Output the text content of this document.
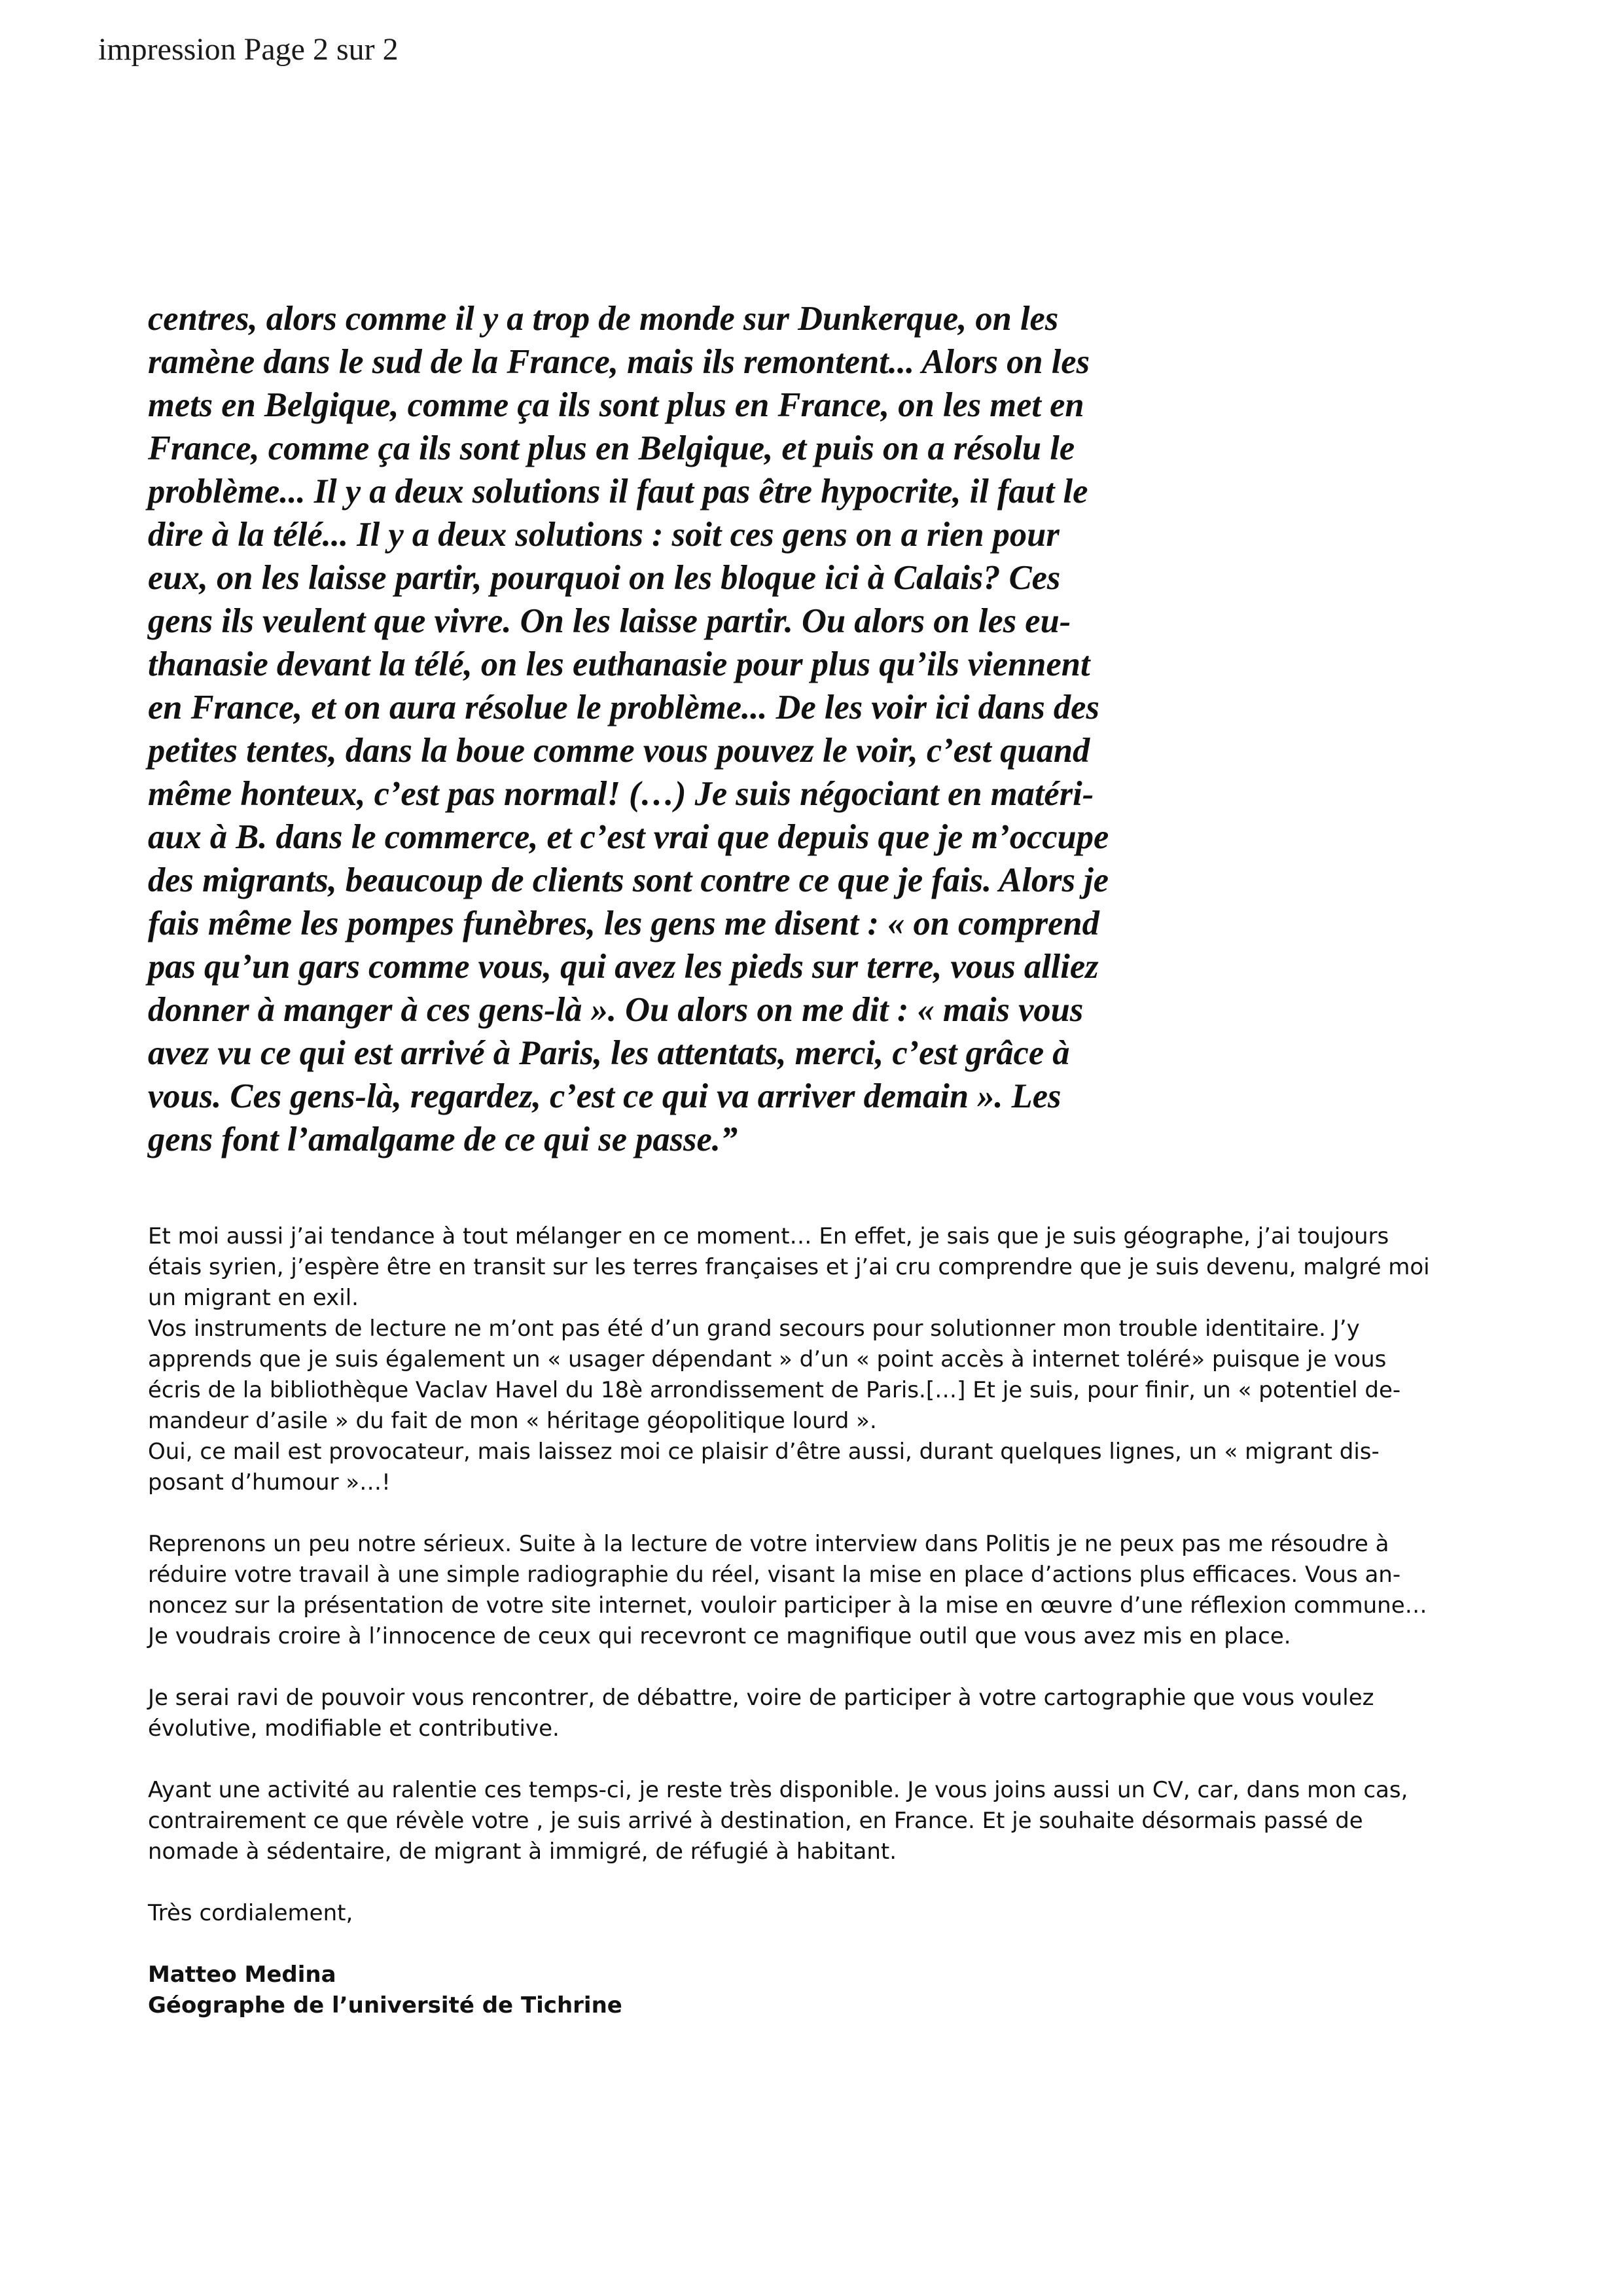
impression Page 2 sur 2
centres, alors comme il y a trop de monde sur Dunkerque, on les
ramène dans le sud de la France, mais ils remontent... Alors on les
mets en Belgique, comme ça ils sont plus en France, on les met en
France, comme ça ils sont plus en Belgique, et puis on a résolu le
problème... Il y a deux solutions il faut pas être hypocrite, il faut le
dire à la télé... Il y a deux solutions : soit ces gens on a rien pour
eux, on les laisse partir, pourquoi on les bloque ici à Calais? Ces
gens ils veulent que vivre. On les laisse partir. Ou alors on les eu-
thanasie devant la télé, on les euthanasie pour plus qu’ils viennent
en France, et on aura résolue le problème... De les voir ici dans des
petites tentes, dans la boue comme vous pouvez le voir, c’est quand
même honteux, c’est pas normal! (…) Je suis négociant en matéri-
aux à B. dans le commerce, et c’est vrai que depuis que je m’occupe
des migrants, beaucoup de clients sont contre ce que je fais. Alors je
fais même les pompes funèbres, les gens me disent : « on comprend
pas qu’un gars comme vous, qui avez les pieds sur terre, vous alliez
donner à manger à ces gens-là ». Ou alors on me dit : « mais vous
avez vu ce qui est arrivé à Paris, les attentats, merci, c’est grâce à
vous. Ces gens-là, regardez, c’est ce qui va arriver demain ». Les
gens font l’amalgame de ce qui se passe.”
Et moi aussi j’ai tendance à tout mélanger en ce moment… En effet, je sais que je suis géographe, j’ai toujours
étais syrien, j’espère être en transit sur les terres françaises et j’ai cru comprendre que je suis devenu, malgré moi
un migrant en exil.
Vos instruments de lecture ne m’ont pas été d’un grand secours pour solutionner mon trouble identitaire. J’y
apprends que je suis également un « usager dépendant » d’un « point accès à internet toléré» puisque je vous
écris de la bibliothèque Vaclav Havel du 18è arrondissement de Paris.[…] Et je suis, pour finir, un « potentiel de-
mandeur d’asile » du fait de mon « héritage géopolitique lourd ».
Oui, ce mail est provocateur, mais laissez moi ce plaisir d’être aussi, durant quelques lignes, un « migrant dis-
posant d’humour »…!
Reprenons un peu notre sérieux. Suite à la lecture de votre interview dans Politis je ne peux pas me résoudre à
réduire votre travail à une simple radiographie du réel, visant la mise en place d’actions plus efficaces. Vous an-
noncez sur la présentation de votre site internet, vouloir participer à la mise en œuvre d’une réflexion commune…
Je voudrais croire à l’innocence de ceux qui recevront ce magnifique outil que vous avez mis en place.
Je serai ravi de pouvoir vous rencontrer, de débattre, voire de participer à votre cartographie que vous voulez
évolutive, modifiable et contributive.
Ayant une activité au ralentie ces temps-ci, je reste très disponible. Je vous joins aussi un CV, car, dans mon cas,
contrairement ce que révèle votre , je suis arrivé à destination, en France. Et je souhaite désormais passé de
nomade à sédentaire, de migrant à immigré, de réfugié à habitant.
Très cordialement,
Matteo Medina
Géographe de l’université de Tichrine
